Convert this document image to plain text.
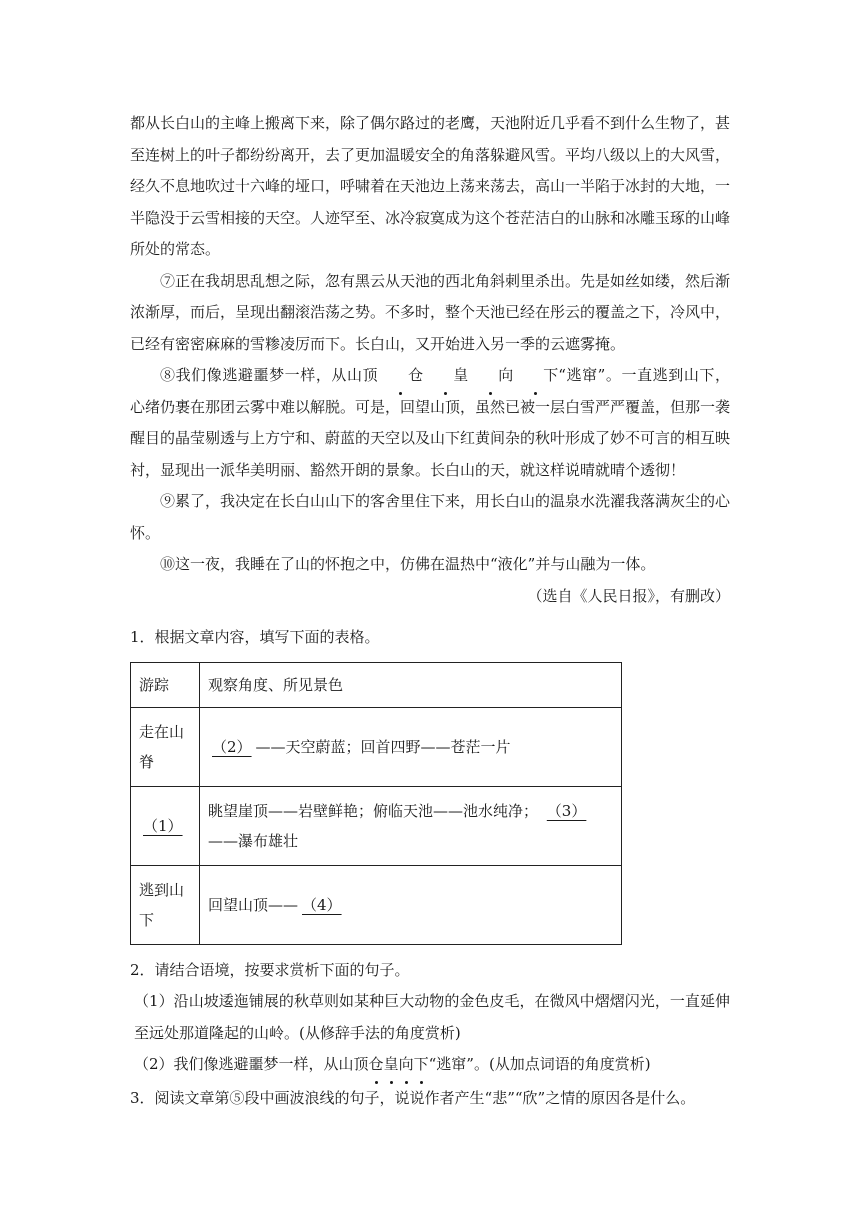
都从长白山的主峰上搬离下来，除了偶尔路过的老鹰，天池附近几乎看不到什么生物了，甚至连树上的叶子都纷纷离开，去了更加温暖安全的角落躲避风雪。平均八级以上的大风雪，经久不息地吹过十六峰的垭口，呼啸着在天池边上荡来荡去，高山一半陷于冰封的大地，一半隐没于云雪相接的天空。人迹罕至、冰冷寂寞成为这个苍茫洁白的山脉和冰雕玉琢的山峰所处的常态。

⑦正在我胡思乱想之际，忽有黑云从天池的西北角斜刺里杀出。先是如丝如缕，然后渐浓渐厚，而后，呈现出翻滚浩荡之势。不多时，整个天池已经在彤云的覆盖之下，冷风中，已经有密密麻麻的雪糁凌厉而下。长白山，又开始进入另一季的云遮雾掩。

⑧我们像逃避噩梦一样，从山顶 仓 皇 向 下“逃窜”。一直逃到山下，心绪仍裹在那团云雾中难以解脱。可是，回望山顶，虽然已被一层白雪严严覆盖，但那一袭醒目的晶莹剔透与上方宁和、蔚蓝的天空以及山下红黄间杂的秋叶形成了妙不可言的相互映衬，显现出一派华美明丽、豁然开朗的景象。长白山的天，就这样说晴就晴个透彻！

⑨累了，我决定在长白山山下的客舍里住下来，用长白山的温泉水洗濯我落满灰尘的心怀。

⑩这一夜，我睡在了山的怀抱之中，仿佛在温热中“液化”并与山融为一体。

（选自《人民日报》，有删改）

1．根据文章内容，填写下面的表格。

游踪	观察角度、所见景色
走在山脊	（2） ——天空蔚蓝；回首四野——苍茫一片
（1）	眺望崖顶——岩壁鲜艳；俯临天池——池水纯净； （3）——瀑布雄壮
逃到山下	回望山顶—— （4）

2．请结合语境，按要求赏析下面的句子。

（1）沿山坡逶迤铺展的秋草则如某种巨大动物的金色皮毛，在微风中熠熠闪光，一直延伸至远处那道隆起的山岭。(从修辞手法的角度赏析)

（2）我们像逃避噩梦一样，从山顶仓皇向下“逃窜”。(从加点词语的角度赏析)

3．阅读文章第⑤段中画波浪线的句子，说说作者产生“悲”“欣”之情的原因各是什么。
